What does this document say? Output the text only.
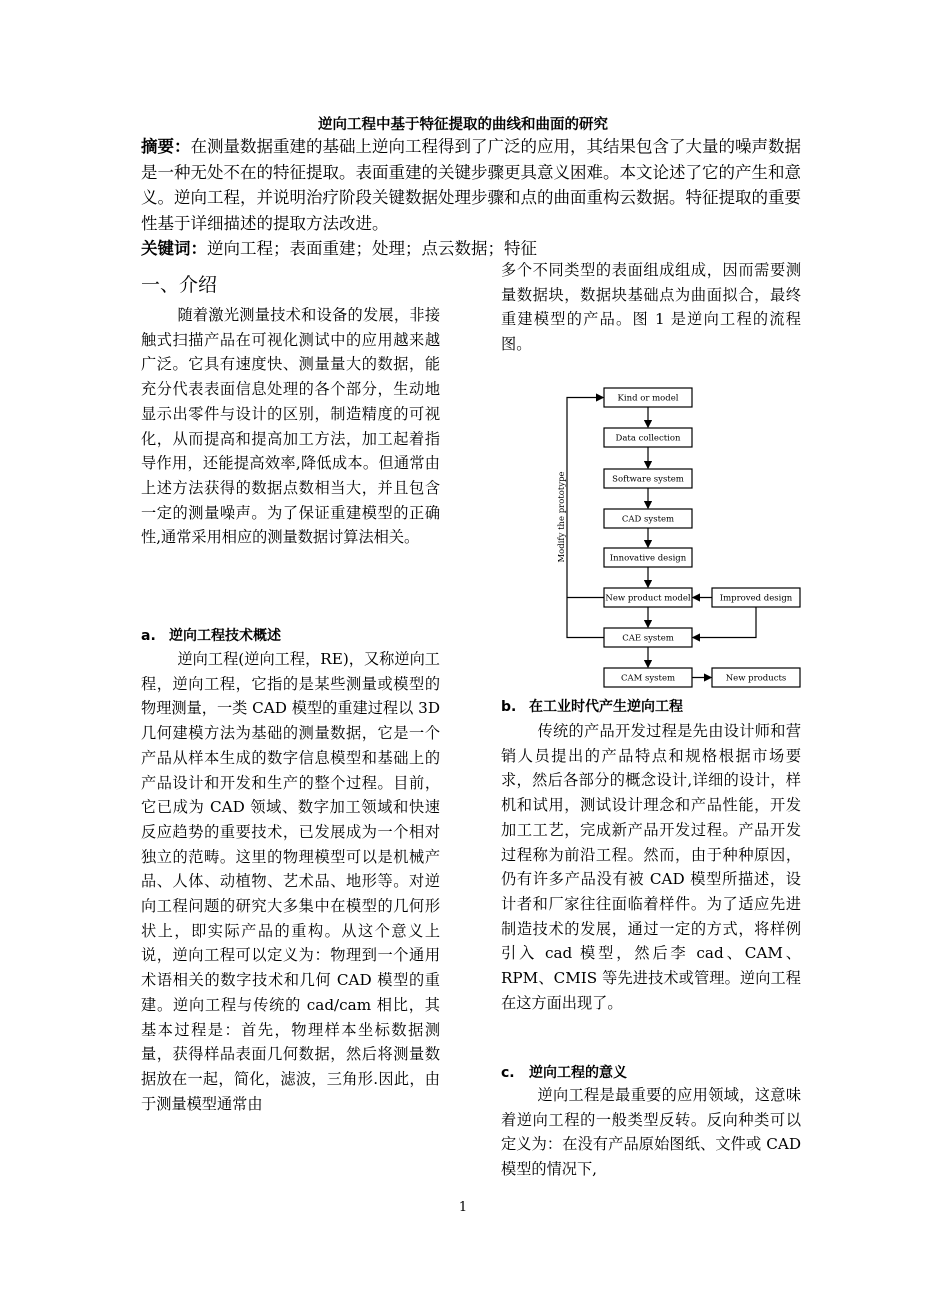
逆向工程中基于特征提取的曲线和曲面的研究
摘要：在测量数据重建的基础上逆向工程得到了广泛的应用，其结果包含了大量的噪声数据是一种无处不在的特征提取。表面重建的关键步骤更具意义困难。本文论述了它的产生和意义。逆向工程，并说明治疗阶段关键数据处理步骤和点的曲面重构云数据。特征提取的重要性基于详细描述的提取方法改进。
关键词：逆向工程；表面重建；处理；点云数据；特征
一、介绍

随着激光测量技术和设备的发展，非接触式扫描产品在可视化测试中的应用越来越广泛。它具有速度快、测量量大的数据，能充分代表表面信息处理的各个部分，生动地显示出零件与设计的区别，制造精度的可视化，从而提高和提高加工方法，加工起着指导作用，还能提高效率,降低成本。但通常由上述方法获得的数据点数相当大，并且包含一定的测量噪声。为了保证重建模型的正确性,通常采用相应的测量数据讨算法相关。

a. 逆向工程技术概述

逆向工程(逆向工程，RE)，又称逆向工程，逆向工程，它指的是某些测量或模型的物理测量，一类 CAD 模型的重建过程以 3D 几何建模方法为基础的测量数据，它是一个产品从样本生成的数字信息模型和基础上的产品设计和开发和生产的整个过程。目前，它已成为 CAD 领域、数字加工领域和快速反应趋势的重要技术，已发展成为一个相对独立的范畴。这里的物理模型可以是机械产品、人体、动植物、艺术品、地形等。对逆向工程问题的研究大多集中在模型的几何形状上，即实际产品的重构。从这个意义上说，逆向工程可以定义为：物理到一个通用术语相关的数字技术和几何 CAD 模型的重建。逆向工程与传统的 cad/cam 相比，其基本过程是：首先，物理样本坐标数据测量，获得样品表面几何数据，然后将测量数据放在一起，简化，滤波，三角形.因此，由于测量模型通常由

多个不同类型的表面组成组成，因而需要测量数据块，数据块基础点为曲面拟合，最终重建模型的产品。图 1 是逆向工程的流程图。

Kind or model
Data collection
Software system
CAD system
Innovative design
New product model	Improved design
CAE system
CAM system	New products
Modify the prototype
b. 在工业时代产生逆向工程

传统的产品开发过程是先由设计师和营销人员提出的产品特点和规格根据市场要求，然后各部分的概念设计,详细的设计，样机和试用，测试设计理念和产品性能，开发加工工艺，完成新产品开发过程。产品开发过程称为前沿工程。然而，由于种种原因，仍有许多产品没有被 CAD 模型所描述，设计者和厂家往往面临着样件。为了适应先进制造技术的发展，通过一定的方式，将样例引入 cad 模型，然后李 cad、CAM、RPM、CMIS 等先进技术或管理。逆向工程在这方面出现了。

c. 逆向工程的意义

逆向工程是最重要的应用领域，这意味着逆向工程的一般类型反转。反向种类可以定义为：在没有产品原始图纸、文件或 CAD 模型的情况下,

1
